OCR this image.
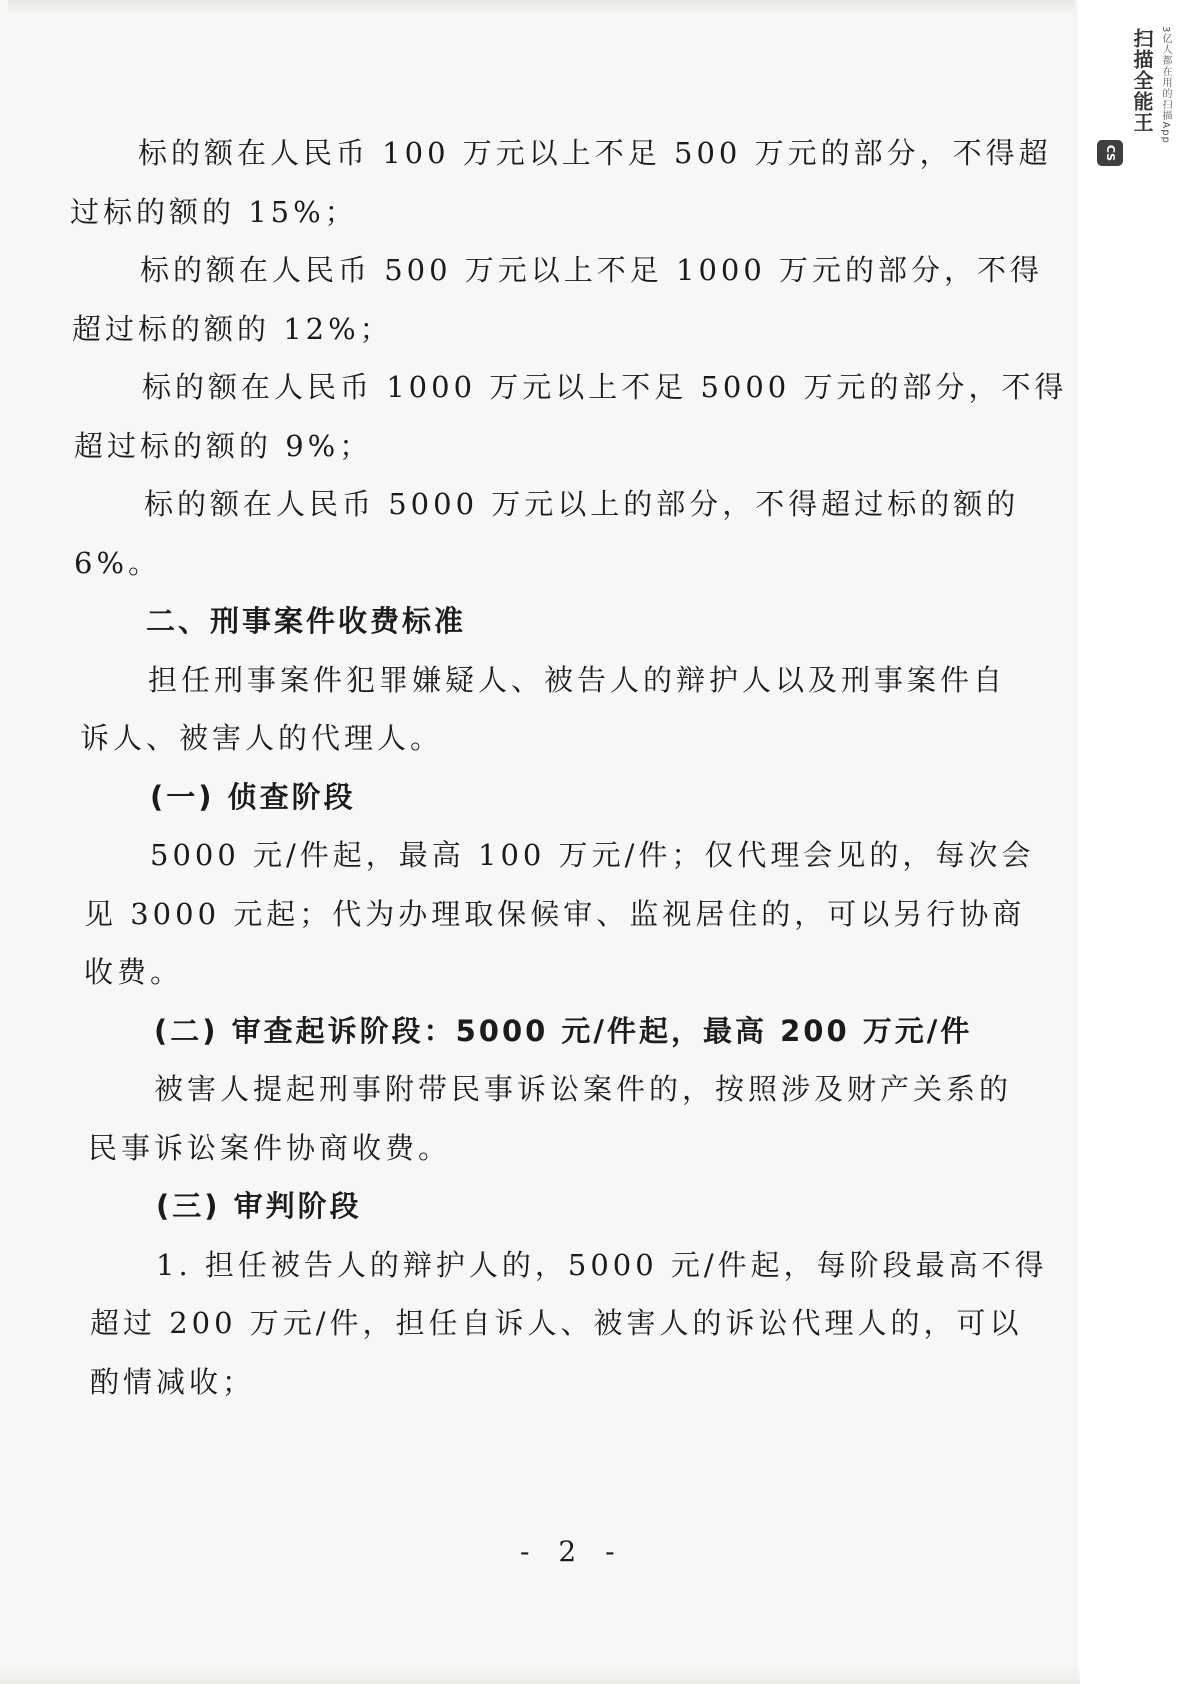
标的额在人民币 100 万元以上不足 500 万元的部分，不得超
过标的额的 15%；
标的额在人民币 500 万元以上不足 1000 万元的部分，不得
超过标的额的 12%；
标的额在人民币 1000 万元以上不足 5000 万元的部分，不得
超过标的额的 9%；
标的额在人民币 5000 万元以上的部分，不得超过标的额的
6%。
二、刑事案件收费标准
担任刑事案件犯罪嫌疑人、被告人的辩护人以及刑事案件自
诉人、被害人的代理人。
(一) 侦查阶段
5000 元/件起，最高 100 万元/件；仅代理会见的，每次会
见 3000 元起；代为办理取保候审、监视居住的，可以另行协商
收费。
(二) 审查起诉阶段：5000 元/件起，最高 200 万元/件
被害人提起刑事附带民事诉讼案件的，按照涉及财产关系的
民事诉讼案件协商收费。
(三) 审判阶段
1. 担任被告人的辩护人的，5000 元/件起，每阶段最高不得
超过 200 万元/件，担任自诉人、被害人的诉讼代理人的，可以
酌情减收；
- 2 -
CS
扫描全能王 3亿人都在用的扫描App
